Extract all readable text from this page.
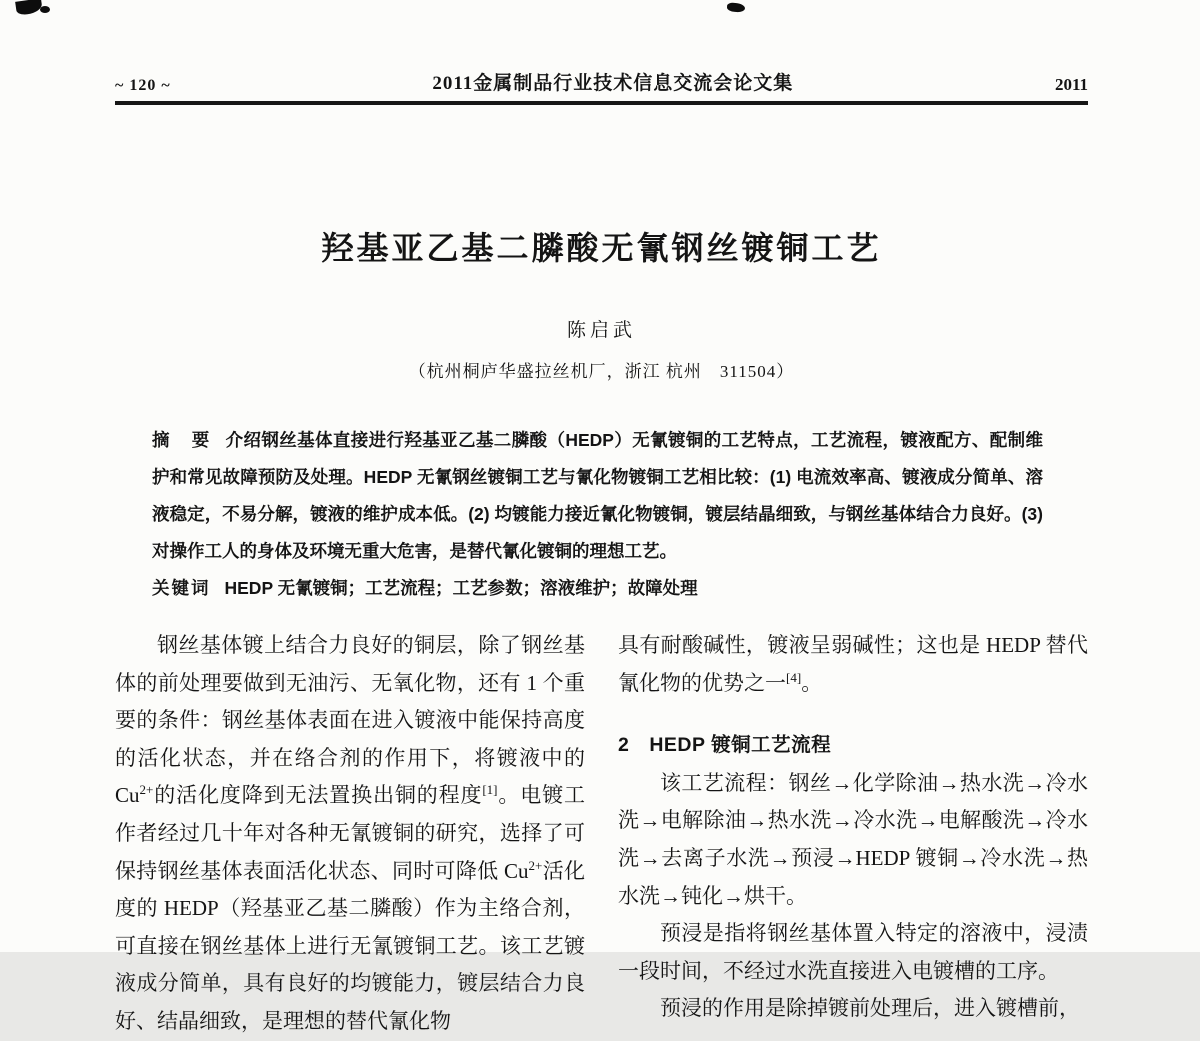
~ 120 ~	2011金属制品行业技术信息交流会论文集	2011
羟基亚乙基二膦酸无氰钢丝镀铜工艺
陈启武
（杭州桐庐华盛拉丝机厂，浙江 杭州　311504）

摘　要 介绍钢丝基体直接进行羟基亚乙基二膦酸（HEDP）无氰镀铜的工艺特点，工艺流程，镀液配方、配制维护和常见故障预防及处理。HEDP 无氰钢丝镀铜工艺与氰化物镀铜工艺相比较：(1) 电流效率高、镀液成分简单、溶液稳定，不易分解，镀液的维护成本低。(2) 均镀能力接近氰化物镀铜，镀层结晶细致，与钢丝基体结合力良好。(3) 对操作工人的身体及环境无重大危害，是替代氰化镀铜的理想工艺。

关键词 HEDP 无氰镀铜；工艺流程；工艺参数；溶液维护；故障处理

钢丝基体镀上结合力良好的铜层，除了钢丝基体的前处理要做到无油污、无氧化物，还有 1 个重要的条件：钢丝基体表面在进入镀液中能保持高度的活化状态，并在络合剂的作用下，将镀液中的 $Cu^{2+}$的活化度降到无法置换出铜的程度[1]。电镀工作者经过几十年对各种无氰镀铜的研究，选择了可保持钢丝基体表面活化状态、同时可降低 $Cu^{2+}$活化度的 HEDP（羟基亚乙基二膦酸）作为主络合剂，可直接在钢丝基体上进行无氰镀铜工艺。该工艺镀液成分简单，具有良好的均镀能力，镀层结合力良好、结晶细致，是理想的替代氰化物

具有耐酸碱性，镀液呈弱碱性；这也是 HEDP 替代氰化物的优势之一[4]。

2　HEDP 镀铜工艺流程

该工艺流程：钢丝→化学除油→热水洗→冷水洗→电解除油→热水洗→冷水洗→电解酸洗→冷水洗→去离子水洗→预浸→HEDP 镀铜→冷水洗→热水洗→钝化→烘干。

预浸是指将钢丝基体置入特定的溶液中，浸渍一段时间，不经过水洗直接进入电镀槽的工序。

预浸的作用是除掉镀前处理后，进入镀槽前，
